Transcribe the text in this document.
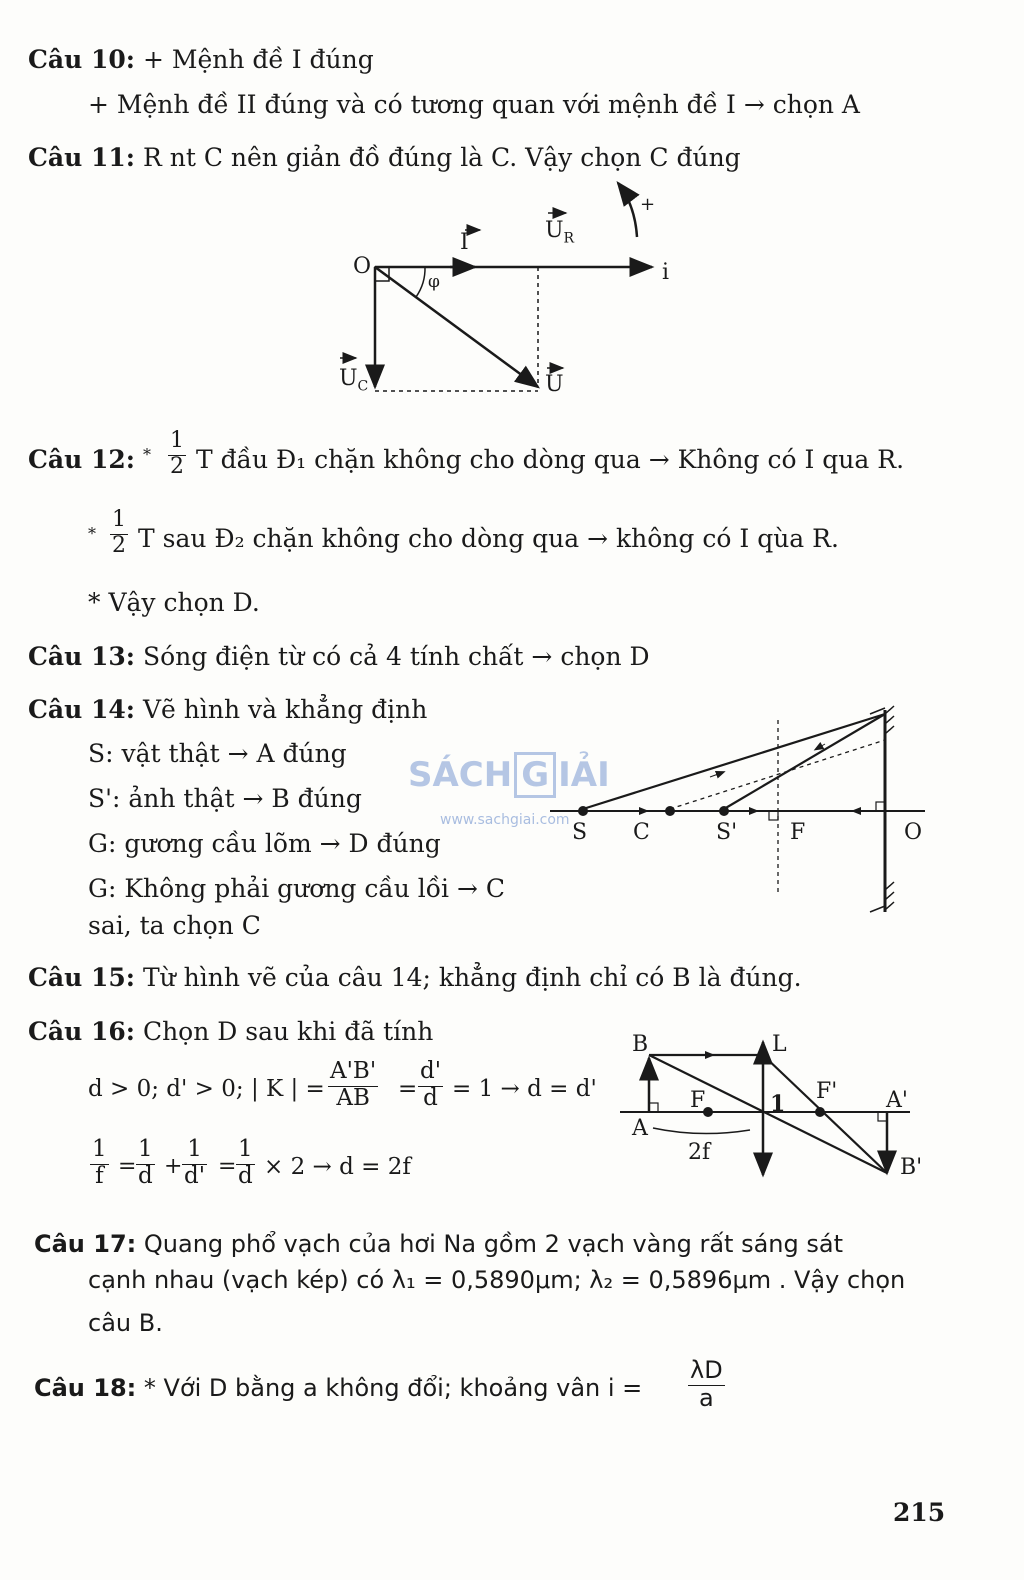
Câu 10: + Mệnh đề I đúng
+ Mệnh đề II đúng và có tương quan với mệnh đề I → chọn A
Câu 11: R nt C nên giản đồ đúng là C. Vậy chọn C đúng
O
I	$U_R$
i
φ
+
$U_C$	U
Câu 12: $^* \frac{1}{2}$ T đầu Đ₁ chặn không cho dòng qua → Không có I qua R.
* $\frac{1}{2}$ T sau Đ₂ chặn không cho dòng qua → không có I qùa R.
* Vậy chọn D.
Câu 13: Sóng điện từ có cả 4 tính chất → chọn D
Câu 14: Vẽ hình và khẳng định
S: vật thật → A đúng
S': ảnh thật → B đúng
G: gương cầu lõm → D đúng
G: Không phải gương cầu lồi → C
sai, ta chọn C
S C	S' F	O
SÁCH G IẢI
www.sachgiai.com
Câu 15: Từ hình vẽ của câu 14; khẳng định chỉ có B là đúng.
Câu 16: Chọn D sau khi đã tính
d > 0; d' > 0; | K | = $\frac{A'B'}{AB} = \frac{d'}{d} = 1 \to d = d'$
$\frac{1}{f} = \frac{1}{d} + \frac{1}{d'} = \frac{1}{d} \times 2 \to d = 2f$
B	L
F	1 F' A'
A
2f
B'
Câu 17: Quang phổ vạch của hơi Na gồm 2 vạch vàng rất sáng sát
cạnh nhau (vạch kép) có λ₁ = 0,5890μm; λ₂ = 0,5896μm . Vậy chọn
câu B.
Câu 18: * Với D bằng a không đổi; khoảng vân $i = \frac{\lambda D}{a}$
215
